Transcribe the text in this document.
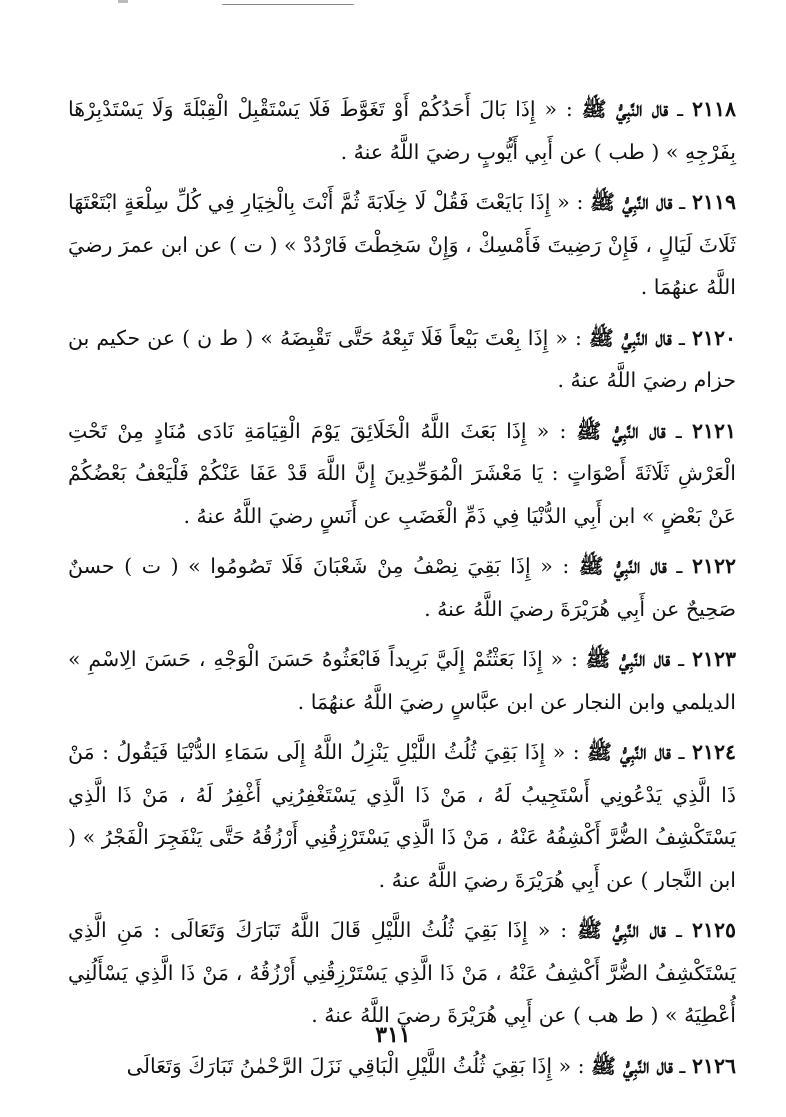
٢١١٨ ـ قال النَّبِيُّ ﷺ : « إِذَا بَالَ أَحَدُكُمْ أَوْ تَغَوَّطَ فَلَا يَسْتَقْبِلْ الْقِبْلَةَ وَلَا يَسْتَدْبِرْهَا بِفَرْجِهِ » ( طب ) عن أَبِي أَيُّوبٍ رضيَ اللَّهُ عنهُ .

٢١١٩ ـ قال النَّبِيُّ ﷺ : « إِذَا بَايَعْتَ فَقُلْ لَا خِلَابَةَ ثُمَّ أَنْتَ بِالْخِيَارِ فِي كُلِّ سِلْعَةٍ ابْتَعْتَهَا ثَلَاثَ لَيَالٍ ، فَإِنْ رَضِيتَ فَأَمْسِكْ ، وَإِنْ سَخِطْتَ فَارْدُدْ » ( ت ) عن ابن عمرَ رضيَ اللَّهُ عنهُمَا .

٢١٢٠ ـ قال النَّبِيُّ ﷺ : « إِذَا بِعْتَ بَيْعاً فَلَا تَبِعْهُ حَتَّى تَقْبِضَهُ » ( ط ن ) عن حكيم بن حزام رضيَ اللَّهُ عنهُ .

٢١٢١ ـ قال النَّبِيُّ ﷺ : « إِذَا بَعَثَ اللَّهُ الْخَلَائِقَ يَوْمَ الْقِيَامَةِ نَادَى مُنَادٍ مِنْ تَحْتِ الْعَرْشِ ثَلَاثَةَ أَصْوَاتٍ : يَا مَعْشَرَ الْمُوَحِّدِينَ إِنَّ اللَّهَ قَدْ عَفَا عَنْكُمْ فَلْيَعْفُ بَعْضُكُمْ عَنْ بَعْضٍ » ابن أَبِي الدُّنْيَا فِي ذَمِّ الْغَضَبِ عن أَنَسٍ رضيَ اللَّهُ عنهُ .

٢١٢٢ ـ قال النَّبِيُّ ﷺ : « إِذَا بَقِيَ نِصْفُ مِنْ شَعْبَانَ فَلَا تَصُومُوا » ( ت ) حسنٌ صَحِيحٌ عن أَبِي هُرَيْرَةَ رضيَ اللَّهُ عنهُ .

٢١٢٣ ـ قال النَّبِيُّ ﷺ : « إِذَا بَعَثْتُمْ إِلَيَّ بَرِيداً فَابْعَثُوهُ حَسَنَ الْوَجْهِ ، حَسَنَ الِاسْمِ » الديلمي وابن النجار عن ابن عبَّاسٍ رضيَ اللَّهُ عنهُمَا .

٢١٢٤ ـ قال النَّبِيُّ ﷺ : « إِذَا بَقِيَ ثُلُثُ اللَّيْلِ يَنْزِلُ اللَّهُ إِلَى سَمَاءِ الدُّنْيَا فَيَقُولُ : مَنْ ذَا الَّذِي يَدْعُونِي أَسْتَجِيبُ لَهُ ، مَنْ ذَا الَّذِي يَسْتَغْفِرُنِي أَغْفِرُ لَهُ ، مَنْ ذَا الَّذِي يَسْتَكْشِفُ الضُّرَّ أَكْشِفُهُ عَنْهُ ، مَنْ ذَا الَّذِي يَسْتَرْزِقُنِي أَرْزُقُهُ حَتَّى يَنْفَجِرَ الْفَجْرُ » ( ابن النَّجار ) عن أَبِي هُرَيْرَةَ رضيَ اللَّهُ عنهُ .

٢١٢٥ ـ قال النَّبِيُّ ﷺ : « إِذَا بَقِيَ ثُلُثُ اللَّيْلِ قَالَ اللَّهُ تَبَارَكَ وَتَعَالَى : مَنِ الَّذِي يَسْتَكْشِفُ الضُّرَّ أَكْشِفُ عَنْهُ ، مَنْ ذَا الَّذِي يَسْتَرْزِقُنِي أَرْزُقُهُ ، مَنْ ذَا الَّذِي يَسْأَلُنِي أُعْطِيَهُ » ( ط هب ) عن أَبِي هُرَيْرَةَ رضيَ اللَّهُ عنهُ .

٢١٢٦ ـ قال النَّبِيُّ ﷺ : « إِذَا بَقِيَ ثُلُثُ اللَّيْلِ الْبَاقِي نَزَلَ الرَّحْمٰنُ تَبَارَكَ وَتَعَالَى

٣١١
